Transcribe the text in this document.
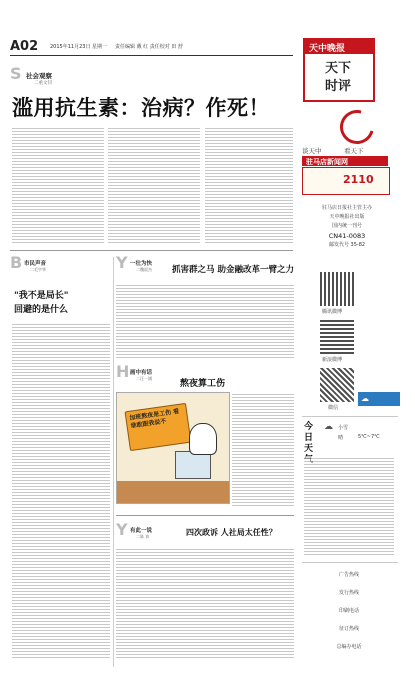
A02 2015年11月23日 星期一 责任编辑 戴 红 责任校对 田 舒	天中晚报
天下
时评
S 社会观察
二重文钊
滥用抗生素：治病？作死！
B 市民声音
二毛宇华
"我不是局长"
回避的是什么
Y 一壮为快
二魏晨杰 抓害群之马 助金融改革一臂之力
H 画中有话
二汪一涵
熬夜算工伤
加班熬夜是工伤 看谁敢跟我说不
Y 有此一说
二陈 真	四次政诉 人社局太任性？
谈天中	看天下
驻马店新闻网
2110
驻马店日报社主管主办
天中晚报社出版
国内统一刊号
CN41-0083
邮发代号 35-82
腾讯微博
新浪微博
微信
☁
今日天
☁ 小雪
晴	5℃~7℃
广告热线
发行热线
印刷电话
征订热线
总编办电话
